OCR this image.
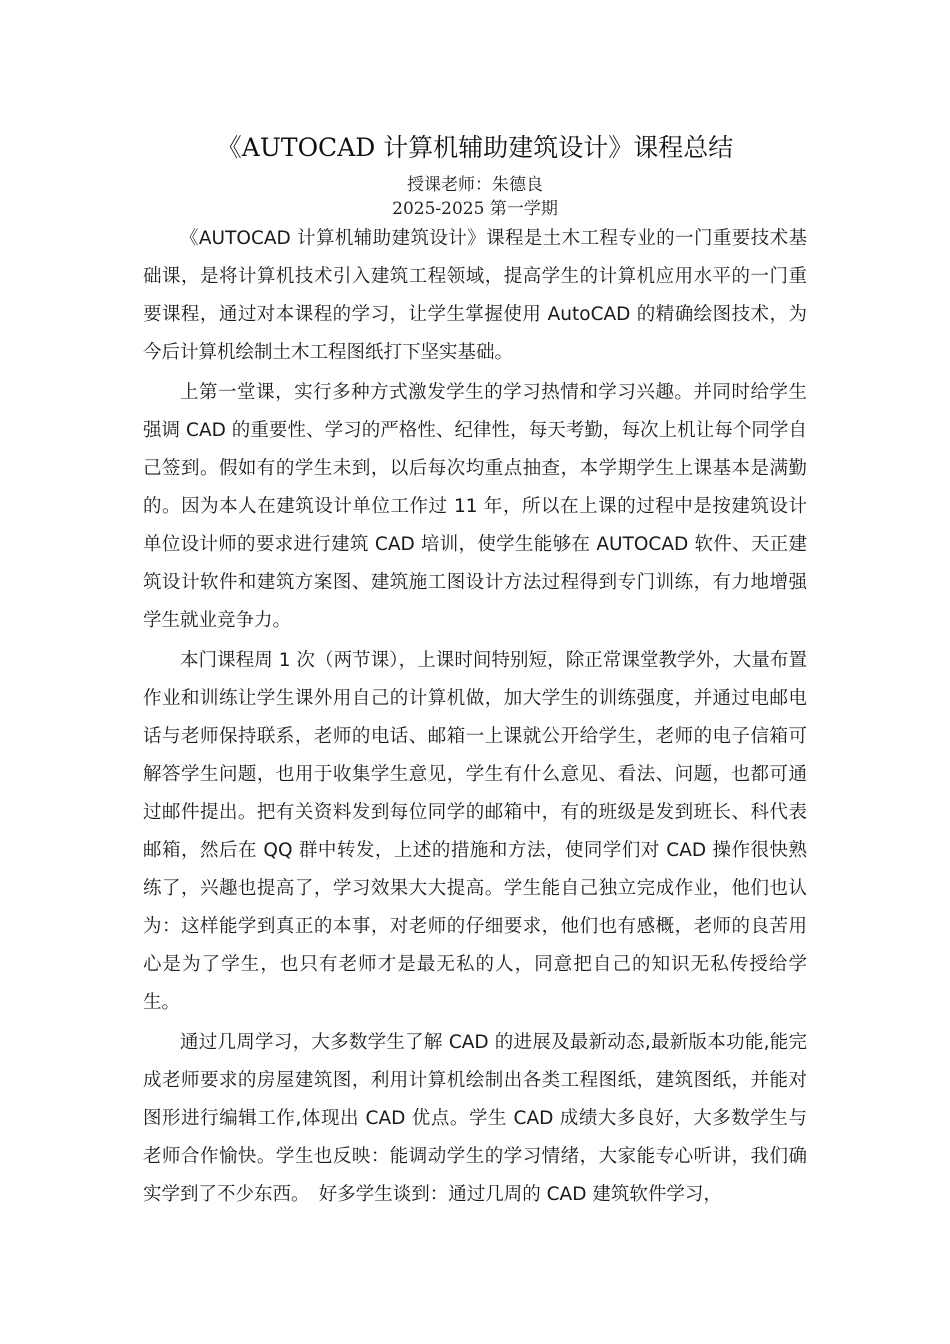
《AUTOCAD 计算机辅助建筑设计》课程总结
授课老师：朱德良
2025-2025 第一学期

《AUTOCAD 计算机辅助建筑设计》课程是土木工程专业的一门重要技术基础课，是将计算机技术引入建筑工程领域，提高学生的计算机应用水平的一门重要课程，通过对本课程的学习，让学生掌握使用 AutoCAD 的精确绘图技术，为今后计算机绘制土木工程图纸打下坚实基础。

上第一堂课，实行多种方式激发学生的学习热情和学习兴趣。并同时给学生强调 CAD 的重要性、学习的严格性、纪律性，每天考勤，每次上机让每个同学自己签到。假如有的学生未到，以后每次均重点抽查，本学期学生上课基本是满勤的。因为本人在建筑设计单位工作过 11 年，所以在上课的过程中是按建筑设计单位设计师的要求进行建筑 CAD 培训，使学生能够在 AUTOCAD 软件、天正建筑设计软件和建筑方案图、建筑施工图设计方法过程得到专门训练，有力地增强学生就业竞争力。

本门课程周 1 次（两节课），上课时间特别短，除正常课堂教学外，大量布置作业和训练让学生课外用自己的计算机做，加大学生的训练强度，并通过电邮电话与老师保持联系，老师的电话、邮箱一上课就公开给学生，老师的电子信箱可解答学生问题，也用于收集学生意见，学生有什么意见、看法、问题，也都可通过邮件提出。把有关资料发到每位同学的邮箱中，有的班级是发到班长、科代表邮箱，然后在 QQ 群中转发，上述的措施和方法，使同学们对 CAD 操作很快熟练了，兴趣也提高了，学习效果大大提高。学生能自己独立完成作业，他们也认为：这样能学到真正的本事，对老师的仔细要求，他们也有感概，老师的良苦用心是为了学生，也只有老师才是最无私的人，同意把自己的知识无私传授给学生。

通过几周学习，大多数学生了解 CAD 的进展及最新动态,最新版本功能,能完成老师要求的房屋建筑图，利用计算机绘制出各类工程图纸，建筑图纸，并能对图形进行编辑工作,体现出 CAD 优点。学生 CAD 成绩大多良好，大多数学生与老师合作愉快。学生也反映：能调动学生的学习情绪，大家能专心听讲，我们确实学到了不少东西。　好多学生谈到：通过几周的 CAD 建筑软件学习，
